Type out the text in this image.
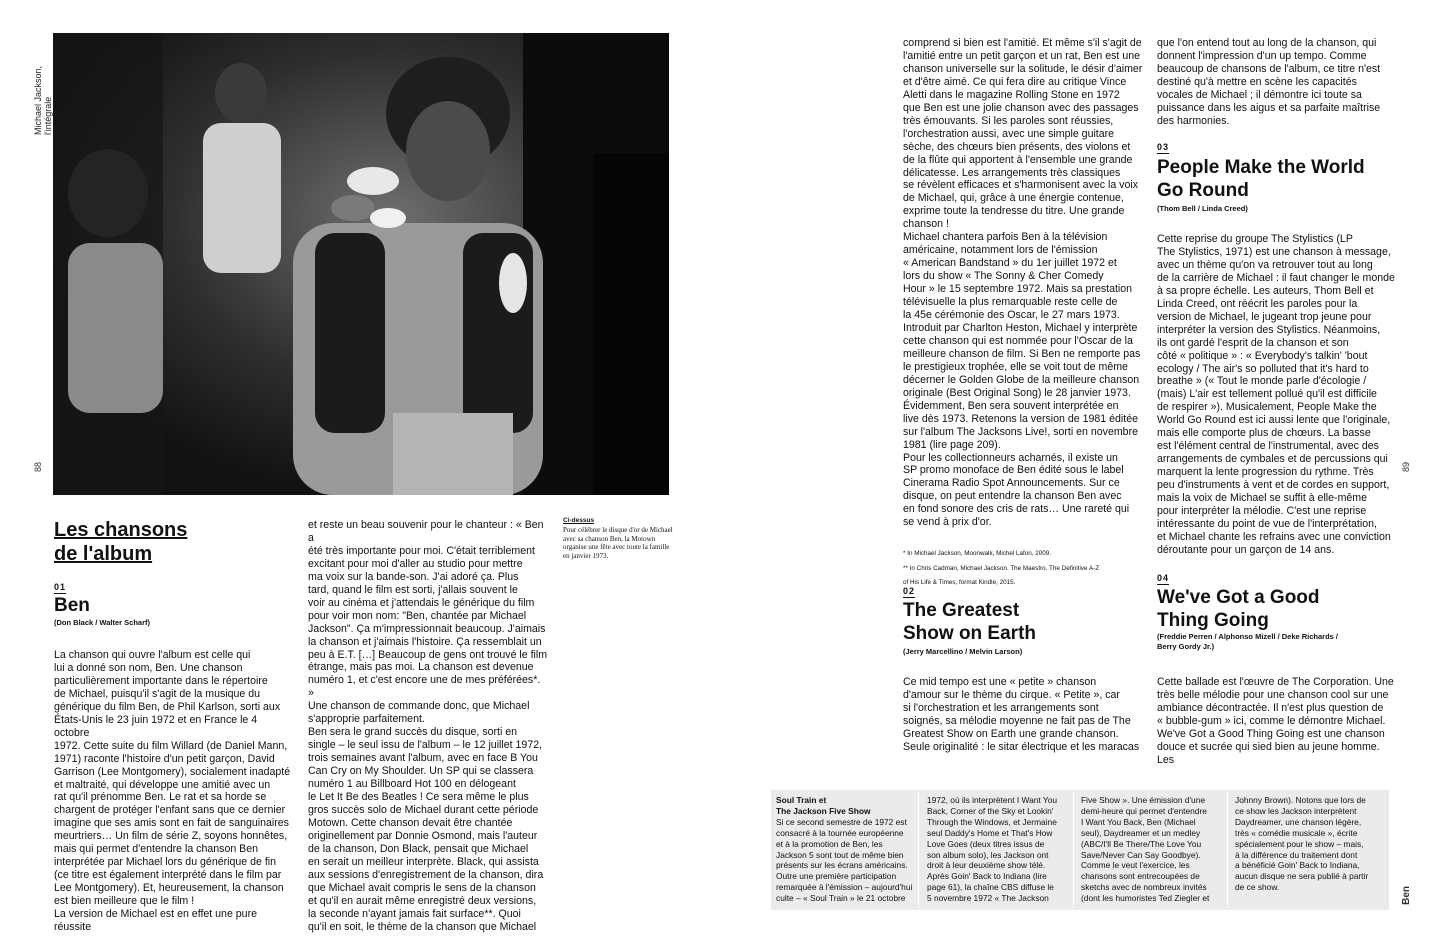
Michael Jackson, l'intégrale
88	89
Ben
Ci-dessus
Pour célébrer le disque d'or de Michael avec sa chanson Ben, la Motown organise une fête avec toute la famille en janvier 1973.
Les chansons
de l'album
01
Ben
(Don Black / Walter Scharf)

La chanson qui ouvre l'album est celle qui

lui a donné son nom, Ben. Une chanson

particulièrement importante dans le répertoire

de Michael, puisqu'il s'agit de la musique du

générique du film Ben, de Phil Karlson, sorti aux

États-Unis le 23 juin 1972 et en France le 4 octobre

1972. Cette suite du film Willard (de Daniel Mann,

1971) raconte l'histoire d'un petit garçon, David

Garrison (Lee Montgomery), socialement inadapté

et maltraité, qui développe une amitié avec un

rat qu'il prénomme Ben. Le rat et sa horde se

chargent de protéger l'enfant sans que ce dernier

imagine que ses amis sont en fait de sanguinaires

meurtriers… Un film de série Z, soyons honnêtes,

mais qui permet d'entendre la chanson Ben

interprétée par Michael lors du générique de fin

(ce titre est également interprété dans le film par

Lee Montgomery). Et, heureusement, la chanson

est bien meilleure que le film !

La version de Michael est en effet une pure réussite

et reste un beau souvenir pour le chanteur : « Ben a

été très importante pour moi. C'était terriblement

excitant pour moi d'aller au studio pour mettre

ma voix sur la bande-son. J'ai adoré ça. Plus

tard, quand le film est sorti, j'allais souvent le

voir au cinéma et j'attendais le générique du film

pour voir mon nom: "Ben, chantée par Michael

Jackson". Ça m'impressionnait beaucoup. J'aimais

la chanson et j'aimais l'histoire. Ça ressemblait un

peu à E.T. […] Beaucoup de gens ont trouvé le film

étrange, mais pas moi. La chanson est devenue

numéro 1, et c'est encore une de mes préférées*. »

Une chanson de commande donc, que Michael

s'approprie parfaitement.

Ben sera le grand succès du disque, sorti en

single – le seul issu de l'album – le 12 juillet 1972,

trois semaines avant l'album, avec en face B You

Can Cry on My Shoulder. Un SP qui se classera

numéro 1 au Billboard Hot 100 en délogeant

le Let It Be des Beatles ! Ce sera même le plus

gros succès solo de Michael durant cette période

Motown. Cette chanson devait être chantée

originellement par Donnie Osmond, mais l'auteur

de la chanson, Don Black, pensait que Michael

en serait un meilleur interprète. Black, qui assista

aux sessions d'enregistrement de la chanson, dira

que Michael avait compris le sens de la chanson

et qu'il en aurait même enregistré deux versions,

la seconde n'ayant jamais fait surface**. Quoi

qu'il en soit, le thème de la chanson que Michael

comprend si bien est l'amitié. Et même s'il s'agit de

l'amitié entre un petit garçon et un rat, Ben est une

chanson universelle sur la solitude, le désir d'aimer

et d'être aimé. Ce qui fera dire au critique Vince

Aletti dans le magazine Rolling Stone en 1972

que Ben est une jolie chanson avec des passages

très émouvants. Si les paroles sont réussies,

l'orchestration aussi, avec une simple guitare

sèche, des chœurs bien présents, des violons et

de la flûte qui apportent à l'ensemble une grande

délicatesse. Les arrangements très classiques

se révèlent efficaces et s'harmonisent avec la voix

de Michael, qui, grâce à une énergie contenue,

exprime toute la tendresse du titre. Une grande

chanson !

Michael chantera parfois Ben à la télévision

américaine, notamment lors de l'émission

« American Bandstand » du 1er juillet 1972 et

lors du show « The Sonny & Cher Comedy

Hour » le 15 septembre 1972. Mais sa prestation

télévisuelle la plus remarquable reste celle de

la 45e cérémonie des Oscar, le 27 mars 1973.

Introduit par Charlton Heston, Michael y interprète

cette chanson qui est nommée pour l'Oscar de la

meilleure chanson de film. Si Ben ne remporte pas

le prestigieux trophée, elle se voit tout de même

décerner le Golden Globe de la meilleure chanson

originale (Best Original Song) le 28 janvier 1973.

Évidemment, Ben sera souvent interprétée en

live dès 1973. Retenons la version de 1981 éditée

sur l'album The Jacksons Live!, sorti en novembre

1981 (lire page 209).

Pour les collectionneurs acharnés, il existe un

SP promo monoface de Ben édité sous le label

Cinerama Radio Spot Announcements. Sur ce

disque, on peut entendre la chanson Ben avec

en fond sonore des cris de rats… Une rareté qui

se vend à prix d'or.

* In Michael Jackson, Moonwalk, Michel Lafon, 2009.

** In Chris Cadman, Michael Jackson. The Maestro. The Definitive A-Z

of His Life & Times, format Kindle, 2015.

02
The Greatest
Show on Earth
(Jerry Marcellino / Melvin Larson)

Ce mid tempo est une « petite » chanson

d'amour sur le thème du cirque. « Petite », car

si l'orchestration et les arrangements sont

soignés, sa mélodie moyenne ne fait pas de The

Greatest Show on Earth une grande chanson.

Seule originalité : le sitar électrique et les maracas

que l'on entend tout au long de la chanson, qui

donnent l'impression d'un up tempo. Comme

beaucoup de chansons de l'album, ce titre n'est

destiné qu'à mettre en scène les capacités

vocales de Michael ; il démontre ici toute sa

puissance dans les aigus et sa parfaite maîtrise

des harmonies.

03
People Make the World
Go Round
(Thom Bell / Linda Creed)

Cette reprise du groupe The Stylistics (LP

The Stylistics, 1971) est une chanson à message,

avec un thème qu'on va retrouver tout au long

de la carrière de Michael : il faut changer le monde

à sa propre échelle. Les auteurs, Thom Bell et

Linda Creed, ont réécrit les paroles pour la

version de Michael, le jugeant trop jeune pour

interpréter la version des Stylistics. Néanmoins,

ils ont gardé l'esprit de la chanson et son

côté « politique » : « Everybody's talkin' 'bout

ecology / The air's so polluted that it's hard to

breathe » (« Tout le monde parle d'écologie /

(mais) L'air est tellement pollué qu'il est difficile

de respirer »). Musicalement, People Make the

World Go Round est ici aussi lente que l'originale,

mais elle comporte plus de chœurs. La basse

est l'élément central de l'instrumental, avec des

arrangements de cymbales et de percussions qui

marquent la lente progression du rythme. Très

peu d'instruments à vent et de cordes en support,

mais la voix de Michael se suffit à elle-même

pour interpréter la mélodie. C'est une reprise

intéressante du point de vue de l'interprétation,

et Michael chante les refrains avec une conviction

déroutante pour un garçon de 14 ans.

04
We've Got a Good
Thing Going
(Freddie Perren / Alphonso Mizell / Deke Richards /
Berry Gordy Jr.)

Cette ballade est l'œuvre de The Corporation. Une

très belle mélodie pour une chanson cool sur une

ambiance décontractée. Il n'est plus question de

« bubble-gum » ici, comme le démontre Michael.

We've Got a Good Thing Going est une chanson

douce et sucrée qui sied bien au jeune homme. Les

Soul Train et
The Jackson Five Show

Si ce second semestre de 1972 est

consacré à la tournée européenne

et à la promotion de Ben, les

Jackson 5 sont tout de même bien

présents sur les écrans américains.

Outre une première participation

remarquée à l'émission – aujourd'hui

culte – « Soul Train » le 21 octobre

1972, où ils interprètent I Want You

Back, Corner of the Sky et Lookin'

Through the Windows, et Jermaine

seul Daddy's Home et That's How

Love Goes (deux titres issus de

son album solo), les Jackson ont

droit à leur deuxième show télé.

Après Goin' Back to Indiana (lire

page 61), la chaîne CBS diffuse le

5 novembre 1972 « The Jackson

Five Show ». Une émission d'une

demi-heure qui permet d'entendre

I Want You Back, Ben (Michael

seul), Daydreamer et un medley

(ABC/I'll Be There/The Love You

Save/Never Can Say Goodbye).

Comme le veut l'exercice, les

chansons sont entrecoupées de

sketchs avec de nombreux invités

(dont les humoristes Ted Ziegler et

Johnny Brown). Notons que lors de

ce show les Jackson interprètent

Daydreamer, une chanson légère,

très « comédie musicale », écrite

spécialement pour le show – mais,

à la différence du traitement dont

a bénéficié Goin' Back to Indiana,

aucun disque ne sera publié à partir

de ce show.
